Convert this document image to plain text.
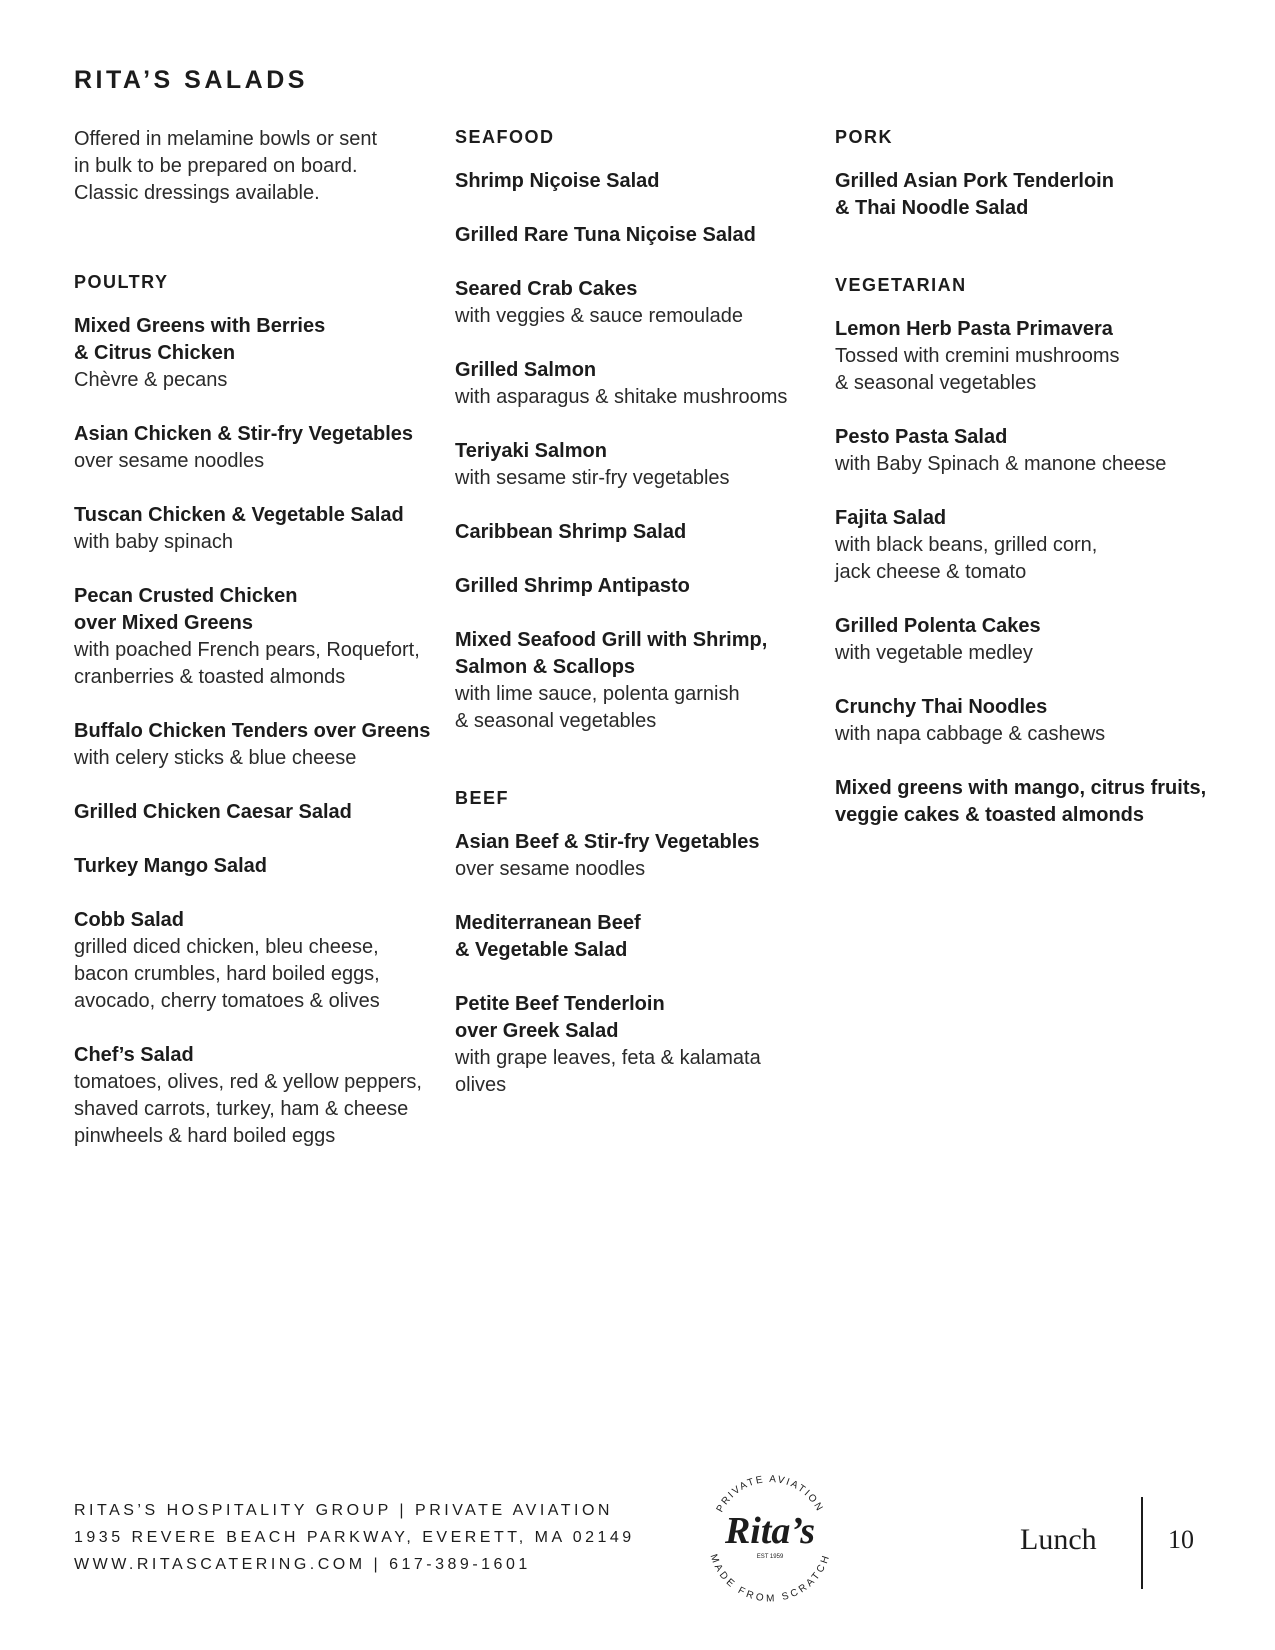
RITA’S SALADS

Offered in melamine bowls or sent
in bulk to be prepared on board.
Classic dressings available.

POULTRY
Mixed Greens with Berries
& Citrus Chicken
Chèvre & pecans
Asian Chicken & Stir-fry Vegetables
over sesame noodles
Tuscan Chicken & Vegetable Salad
with baby spinach
Pecan Crusted Chicken
over Mixed Greens
with poached French pears, Roquefort,
cranberries & toasted almonds
Buffalo Chicken Tenders over Greens
with celery sticks & blue cheese
Grilled Chicken Caesar Salad
Turkey Mango Salad
Cobb Salad
grilled diced chicken, bleu cheese,
bacon crumbles, hard boiled eggs,
avocado, cherry tomatoes & olives
Chef’s Salad
tomatoes, olives, red & yellow peppers,
shaved carrots, turkey, ham & cheese
pinwheels & hard boiled eggs
SEAFOOD
Shrimp Niçoise Salad
Grilled Rare Tuna Niçoise Salad
Seared Crab Cakes
with veggies & sauce remoulade
Grilled Salmon
with asparagus & shitake mushrooms
Teriyaki Salmon
with sesame stir-fry vegetables
Caribbean Shrimp Salad
Grilled Shrimp Antipasto
Mixed Seafood Grill with Shrimp,
Salmon & Scallops
with lime sauce, polenta garnish
& seasonal vegetables
BEEF
Asian Beef & Stir-fry Vegetables
over sesame noodles
Mediterranean Beef
& Vegetable Salad
Petite Beef Tenderloin
over Greek Salad
with grape leaves, feta & kalamata olives
PORK
Grilled Asian Pork Tenderloin
& Thai Noodle Salad
VEGETARIAN
Lemon Herb Pasta Primavera
Tossed with cremini mushrooms
& seasonal vegetables
Pesto Pasta Salad
with Baby Spinach & manone cheese
Fajita Salad
with black beans, grilled corn,
jack cheese & tomato
Grilled Polenta Cakes
with vegetable medley
Crunchy Thai Noodles
with napa cabbage & cashews
Mixed greens with mango, citrus fruits,
veggie cakes & toasted almonds
RITAS’S HOSPITALITY GROUP | PRIVATE AVIATION
1935 REVERE BEACH PARKWAY, EVERETT, MA 02149
WWW.RITASCATERING.COM | 617-389-1601
PRIVATE AVIATION
Rita’s
EST 1959
MADE FROM SCRATCH
Lunch	10
